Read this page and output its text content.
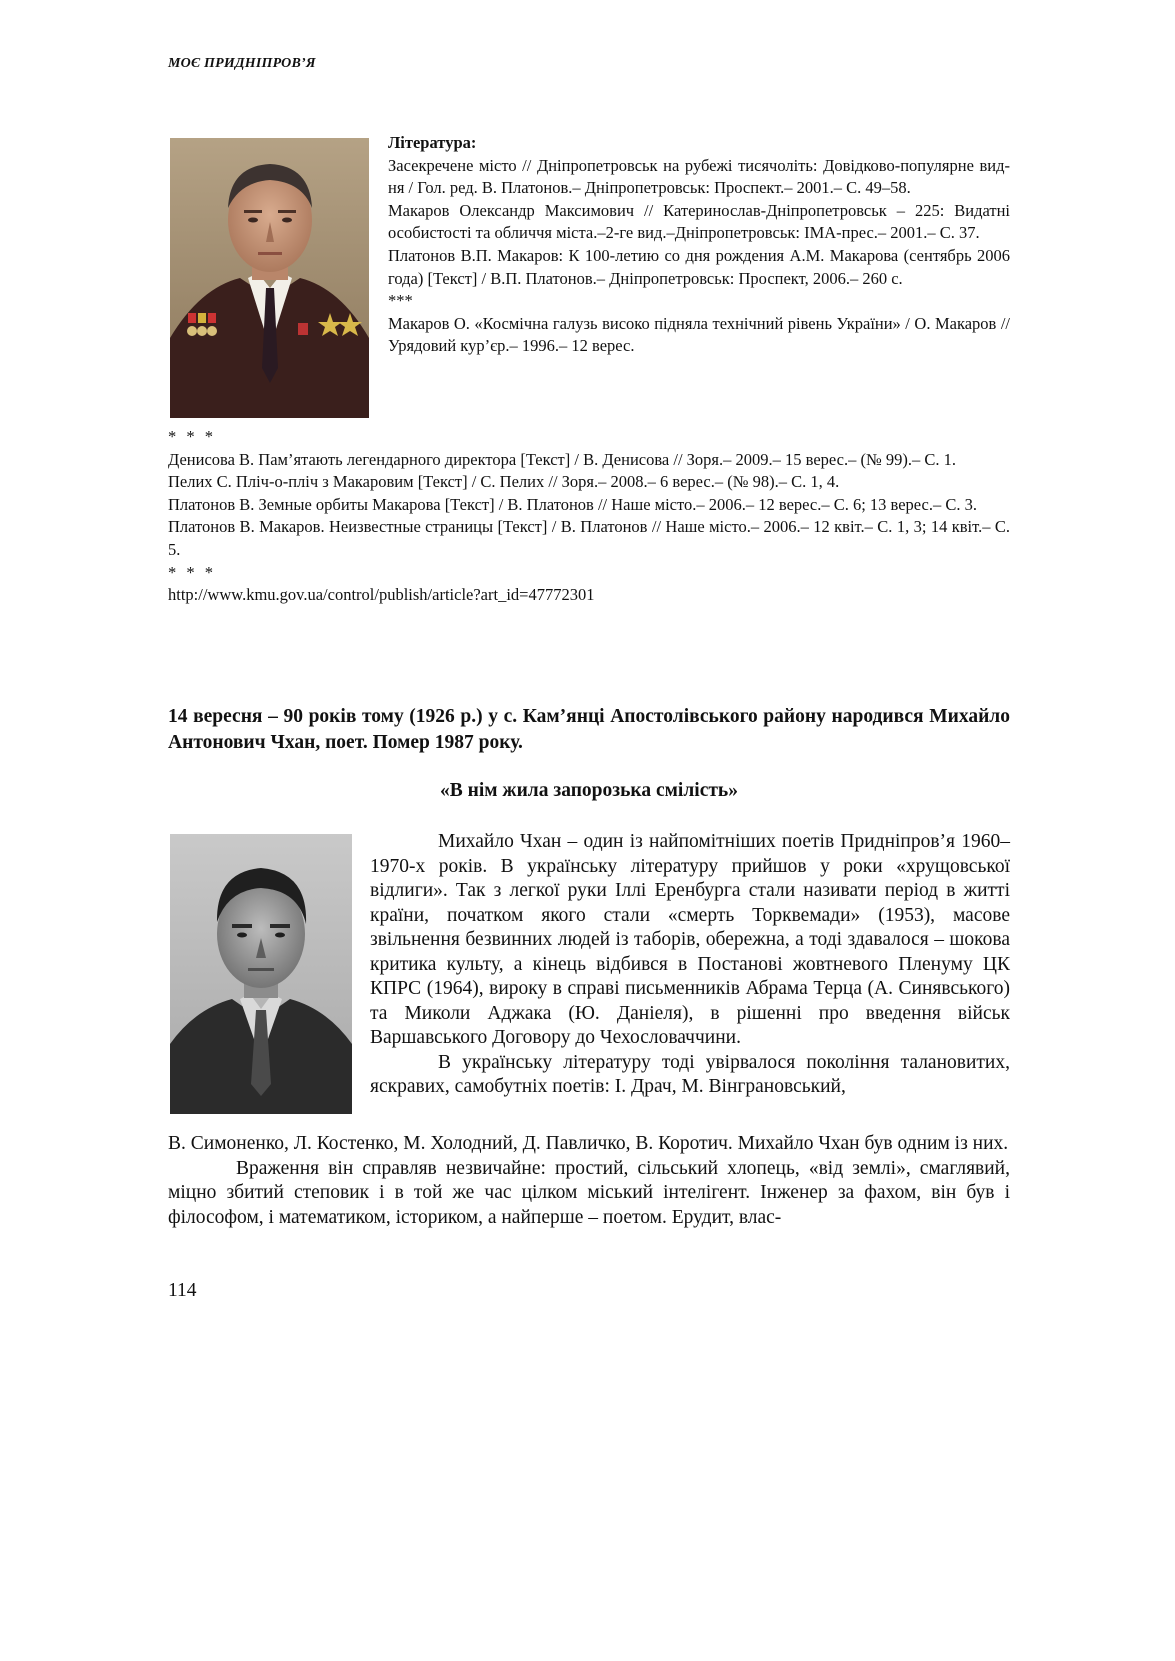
МОЄ ПРИДНІПРОВ’Я

Література:

Засекречене місто // Дніпропетровськ на рубежі тисячоліть: Довідково-популярне вид-ня / Гол. ред. В. Платонов.– Дніпропетровськ: Проспект.– 2001.– С. 49–58.

Макаров Олександр Максимович // Катеринослав-Дніпропетровськ – 225: Видатні особистості та обличчя міста.–2-ге вид.–Дніпропетровськ: ІМА-прес.– 2001.– С. 37.

Платонов В.П. Макаров: К 100-летию со дня рождения А.М. Макарова (сентябрь 2006 года) [Текст] / В.П. Платонов.– Днiпропетровськ: Проспект, 2006.– 260 с.

***

Макаров О. «Космічна галузь високо підняла технічний рівень України» / О. Макаров // Урядовий кур’єр.– 1996.– 12 верес.

* * *

Денисова В. Пам’ятають легендарного директора [Текст] / В. Денисова // Зоря.– 2009.– 15 верес.– (№ 99).– С. 1.

Пелих С. Пліч-о-пліч з Макаровим [Текст] / С. Пелих // Зоря.– 2008.– 6 верес.– (№ 98).– С. 1, 4.

Платонов В. Земные орбиты Макарова [Текст] / В. Платонов // Наше місто.– 2006.– 12 верес.– С. 6; 13 верес.– С. 3.

Платонов В. Макаров. Неизвестные страницы [Текст] / В. Платонов // Наше місто.– 2006.– 12 квіт.– С. 1, 3; 14 квіт.– С. 5.

* * *

http://www.kmu.gov.ua/control/publish/article?art_id=47772301

14 вересня – 90 років тому (1926 р.) у с. Кам’янці Апостолівського району народився Михайло Антонович Чхан, поет. Помер 1987 року.
«В нім жила запорозька смілість»

Михайло Чхан – один із найпомітніших поетів Придніпров’я 1960–1970-х років. В українську літературу прийшов у роки «хрущовської відлиги». Так з легкої руки Іллі Еренбурга стали називати період в житті країни, початком якого стали «смерть Торквемади» (1953), масове звільнення безвинних людей із таборів, обережна, а тоді здавалося – шокова критика культу, а кінець відбився в Постанові жовтневого Пленуму ЦК КПРС (1964), вироку в справі письменників Абрама Терца (А. Синявського) та Миколи Аджака (Ю. Даніеля), в рішенні про введення військ Варшавського Договору до Чехословаччини.

В українську літературу тоді увірвалося покоління талановитих, яскравих, самобутніх поетів: І. Драч, М. Вінграновський,

В. Симоненко, Л. Костенко, М. Холодний, Д. Павличко, В. Коротич. Михайло Чхан був одним із них.

Враження він справляв незвичайне: простий, сільський хлопець, «від землі», смаглявий, міцно збитий степовик і в той же час цілком міський інтелігент. Інженер за фахом, він був і філософом, і математиком, істориком, а найперше – поетом. Ерудит, влас-

114
